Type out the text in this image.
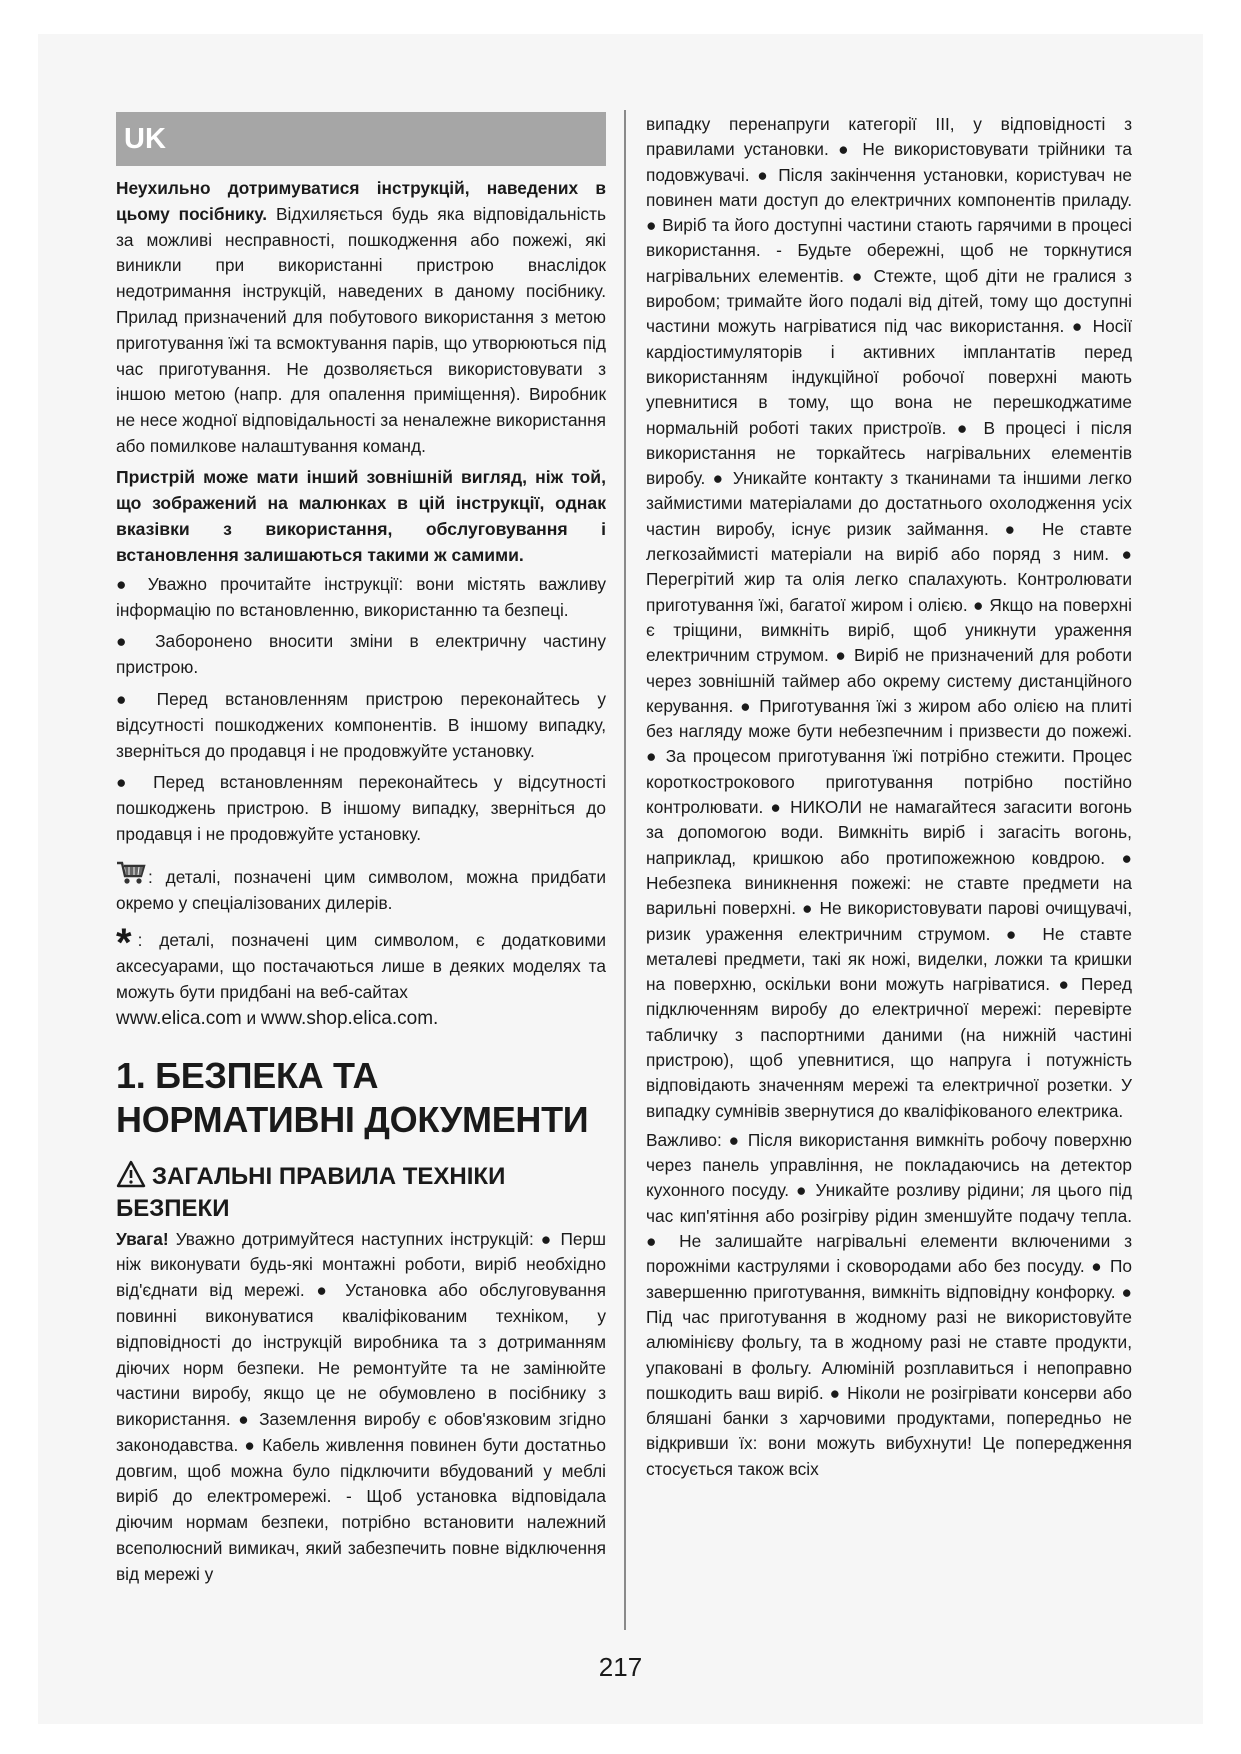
UK

Неухильно дотримуватися інструкцій, наведених в цьому посібнику. Відхиляється будь яка відповідальність за можливі несправності, пошкодження або пожежі, які виникли при використанні пристрою внаслідок недотримання інструкцій, наведених в даному посібнику. Прилад призначений для побутового використання з метою приготування їжі та всмоктування парів, що утворюються під час приготування. Не дозволяється використовувати з іншою метою (напр. для опалення приміщення). Виробник не несе жодної відповідальності за неналежне використання або помилкове налаштування команд.

Пристрій може мати інший зовнішній вигляд, ніж той, що зображений на малюнках в цій інструкції, однак вказівки з використання, обслуговування і встановлення залишаються такими ж самими.

● Уважно прочитайте інструкції: вони містять важливу інформацію по встановленню, використанню та безпеці.

● Заборонено вносити зміни в електричну частину пристрою.

● Перед встановленням пристрою переконайтесь у відсутності пошкоджених компонентів. В іншому випадку, зверніться до продавця і не продовжуйте установку.

● Перед встановленням переконайтесь у відсутності пошкоджень пристрою. В іншому випадку, зверніться до продавця і не продовжуйте установку.

: деталі, позначені цим символом, можна придбати окремо у спеціалізованих дилерів.

* : деталі, позначені цим символом, є додатковими аксесуарами, що постачаються лише в деяких моделях та можуть бути придбані на веб-сайтах
www.elica.com и www.shop.elica.com.

1. БЕЗПЕКА ТА НОРМАТИВНІ ДОКУМЕНТИ
ЗАГАЛЬНІ ПРАВИЛА ТЕХНІКИ БЕЗПЕКИ

Увага! Уважно дотримуйтеся наступних інструкцій: ● Перш ніж виконувати будь-які монтажні роботи, виріб необхідно від'єднати від мережі. ● Установка або обслуговування повинні виконуватися кваліфікованим техніком, у відповідності до інструкцій виробника та з дотриманням діючих норм безпеки. Не ремонтуйте та не замінюйте частини виробу, якщо це не обумовлено в посібнику з використання. ● Заземлення виробу є обов'язковим згідно законодавства. ● Кабель живлення повинен бути достатньо довгим, щоб можна було підключити вбудований у меблі виріб до електромережі. - Щоб установка відповідала діючим нормам безпеки, потрібно встановити належний всеполюсний вимикач, який забезпечить повне відключення від мережі у

випадку перенапруги категорії III, у відповідності з правилами установки. ● Не використовувати трійники та подовжувачі. ● Після закінчення установки, користувач не повинен мати доступ до електричних компонентів приладу. ● Виріб та його доступні частини стають гарячими в процесі використання. - Будьте обережні, щоб не торкнутися нагрівальних елементів. ● Стежте, щоб діти не гралися з виробом; тримайте його подалі від дітей, тому що доступні частини можуть нагріватися під час використання. ● Носії кардіостимуляторів і активних імплантатів перед використанням індукційної робочої поверхні мають упевнитися в тому, що вона не перешкоджатиме нормальній роботі таких пристроїв. ● В процесі і після використання не торкайтесь нагрівальних елементів виробу. ● Уникайте контакту з тканинами та іншими легко займистими матеріалами до достатнього охолодження усіх частин виробу, існує ризик займання. ● Не ставте легкозаймисті матеріали на виріб або поряд з ним. ● Перегрітий жир та олія легко спалахують. Контролювати приготування їжі, багатої жиром і олією. ● Якщо на поверхні є тріщини, вимкніть виріб, щоб уникнути ураження електричним струмом. ● Виріб не призначений для роботи через зовнішній таймер або окрему систему дистанційного керування. ● Приготування їжі з жиром або олією на плиті без нагляду може бути небезпечним і призвести до пожежі. ● За процесом приготування їжі потрібно стежити. Процес короткострокового приготування потрібно постійно контролювати. ● НИКОЛИ не намагайтеся загасити вогонь за допомогою води. Вимкніть виріб і загасіть вогонь, наприклад, кришкою або протипожежною ковдрою. ● Небезпека виникнення пожежі: не ставте предмети на варильні поверхні. ● Не використовувати парові очищувачі, ризик ураження електричним струмом. ● Не ставте металеві предмети, такі як ножі, виделки, ложки та кришки на поверхню, оскільки вони можуть нагріватися. ● Перед підключенням виробу до електричної мережі: перевірте табличку з паспортними даними (на нижній частині пристрою), щоб упевнитися, що напруга і потужність відповідають значенням мережі та електричної розетки. У випадку сумнівів звернутися до кваліфікованого електрика.

Важливо: ● Після використання вимкніть робочу поверхню через панель управління, не покладаючись на детектор кухонного посуду. ● Уникайте розливу рідини; ля цього під час кип'ятіння або розігріву рідин зменшуйте подачу тепла. ● Не залишайте нагрівальні елементи включеними з порожніми каструлями і сковородами або без посуду. ● По завершенню приготування, вимкніть відповідну конфорку. ● Під час приготування в жодному разі не використовуйте алюмінієву фольгу, та в жодному разі не ставте продукти, упаковані в фольгу. Алюміній розплавиться і непоправно пошкодить ваш виріб. ● Ніколи не розігрівати консерви або бляшані банки з харчовими продуктами, попередньо не відкривши їх: вони можуть вибухнути! Це попередження стосується також всіх

217
